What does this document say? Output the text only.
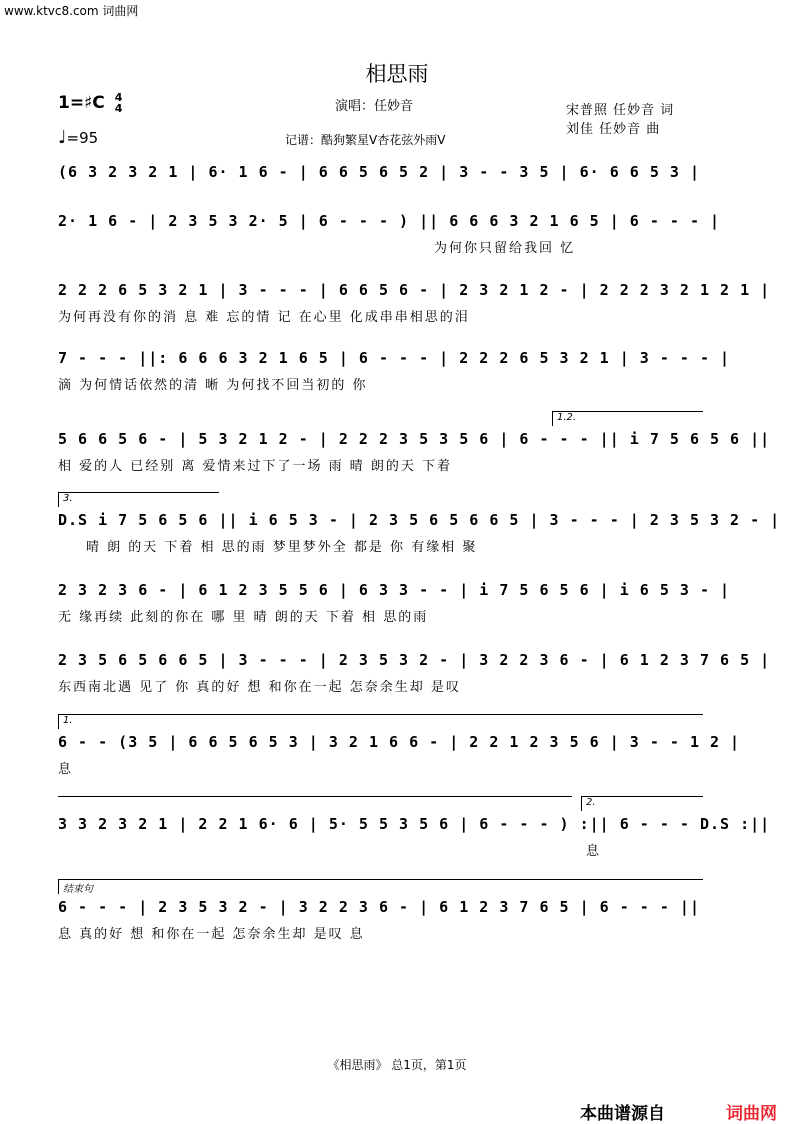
www.ktvc8.com 词曲网
相思雨
1=♯C 4
4
♩=95
演唱：任妙音
记谱：酷狗繁星V杏花弦外雨V
宋普照 任妙音 词
刘佳 任妙音 曲
(6 3 2 3 2 1 | 6· 1 6 - | 6 6 5 6 5 2 | 3 - - 3 5 | 6· 6 6 5 3 |
2· 1 6 - | 2 3 5 3 2· 5 | 6 - - - ) || 6 6 6 3 2 1 6 5 | 6 - - - |
为何你只留给我回 忆
2 2 2 6 5 3 2 1 | 3 - - - | 6 6 5 6 - | 2 3 2 1 2 - | 2 2 2 3 2 1 2 1 |
为何再没有你的消 息 难 忘的情 记 在心里 化成串串相思的泪
7 - - - ||: 6 6 6 3 2 1 6 5 | 6 - - - | 2 2 2 6 5 3 2 1 | 3 - - - |
滴 为何情话依然的清 晰 为何找不回当初的 你
1.2.
5 6 6 5 6 - | 5 3 2 1 2 - | 2 2 2 3 5 3 5 6 | 6 - - - || i 7 5 6 5 6 ||
相 爱的人 已经别 离 爱情来过下了一场 雨 晴 朗的天 下着
3.
D.S i 7 5 6 5 6 || i 6 5 3 - | 2 3 5 6 5 6 6 5 | 3 - - - | 2 3 5 3 2 - |
晴 朗 的天 下着 相 思的雨 梦里梦外全 都是 你 有缘相 聚
2 3 2 3 6 - | 6 1 2 3 5 5 6 | 6 3 3 - - | i 7 5 6 5 6 | i 6 5 3 - |
无 缘再续 此刻的你在 哪 里 晴 朗的天 下着 相 思的雨
2 3 5 6 5 6 6 5 | 3 - - - | 2 3 5 3 2 - | 3 2 2 3 6 - | 6 1 2 3 7 6 5 |
东西南北遇 见了 你 真的好 想 和你在一起 怎奈余生却 是叹
1.
6 - - (3 5 | 6 6 5 6 5 3 | 3 2 1 6 6 - | 2 2 1 2 3 5 6 | 3 - - 1 2 |
息
2.
3 3 2 3 2 1 | 2 2 1 6· 6 | 5· 5 5 3 5 6 | 6 - - - ) :|| 6 - - - D.S :||
息
结束句
6 - - - | 2 3 5 3 2 - | 3 2 2 3 6 - | 6 1 2 3 7 6 5 | 6 - - - ||
息 真的好 想 和你在一起 怎奈余生却 是叹 息
《相思雨》 总1页，第1页
本曲谱源自	词曲网
